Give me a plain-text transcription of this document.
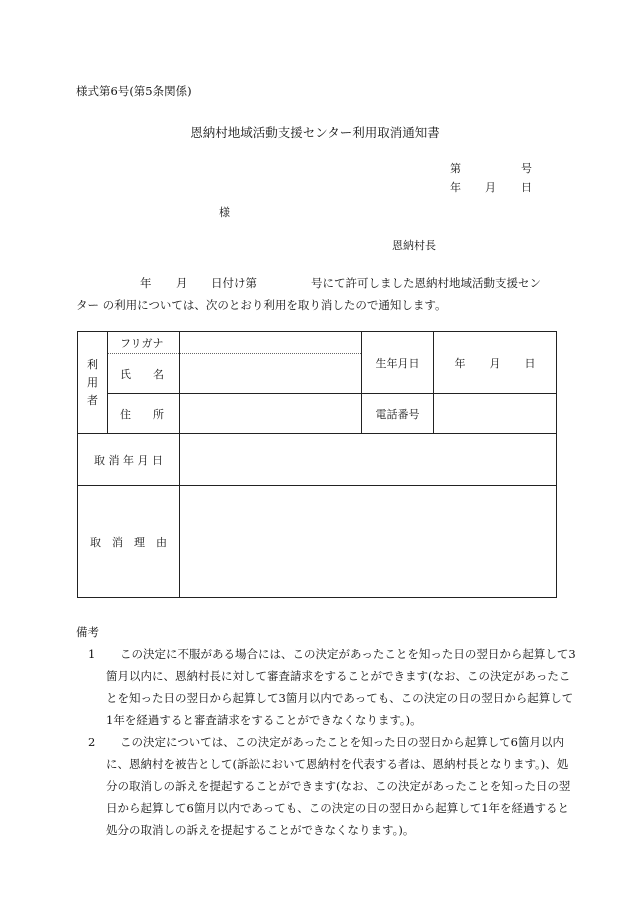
様式第6号(第5条関係)
恩納村地域活動支援センター利用取消通知書
第	号
年 月 日
様
恩納村長
年 月 日付け第	号にて許可しました恩納村地域活動支援セン
ター の利用については、次のとおり利用を取り消したので通知します。
利
用
者	フリガナ		生年月日	年 月 日
	氏　　名			
	住　　所		電話番号	
取 消 年 月 日				
取　消　理　由				
備考
1	この決定に不服がある場合には、この決定があったことを知った日の翌日から起算して3箇月以内に、恩納村長に対して審査請求をすることができます(なお、この決定があったことを知った日の翌日から起算して3箇月以内であっても、この決定の日の翌日から起算して1年を経過すると審査請求をすることができなくなります。)。

2	この決定については、この決定があったことを知った日の翌日から起算して6箇月以内に、恩納村を被告として(訴訟において恩納村を代表する者は、恩納村長となります。)、処分の取消しの訴えを提起することができます(なお、この決定があったことを知った日の翌日から起算して6箇月以内であっても、この決定の日の翌日から起算して1年を経過すると処分の取消しの訴えを提起することができなくなります。)。
